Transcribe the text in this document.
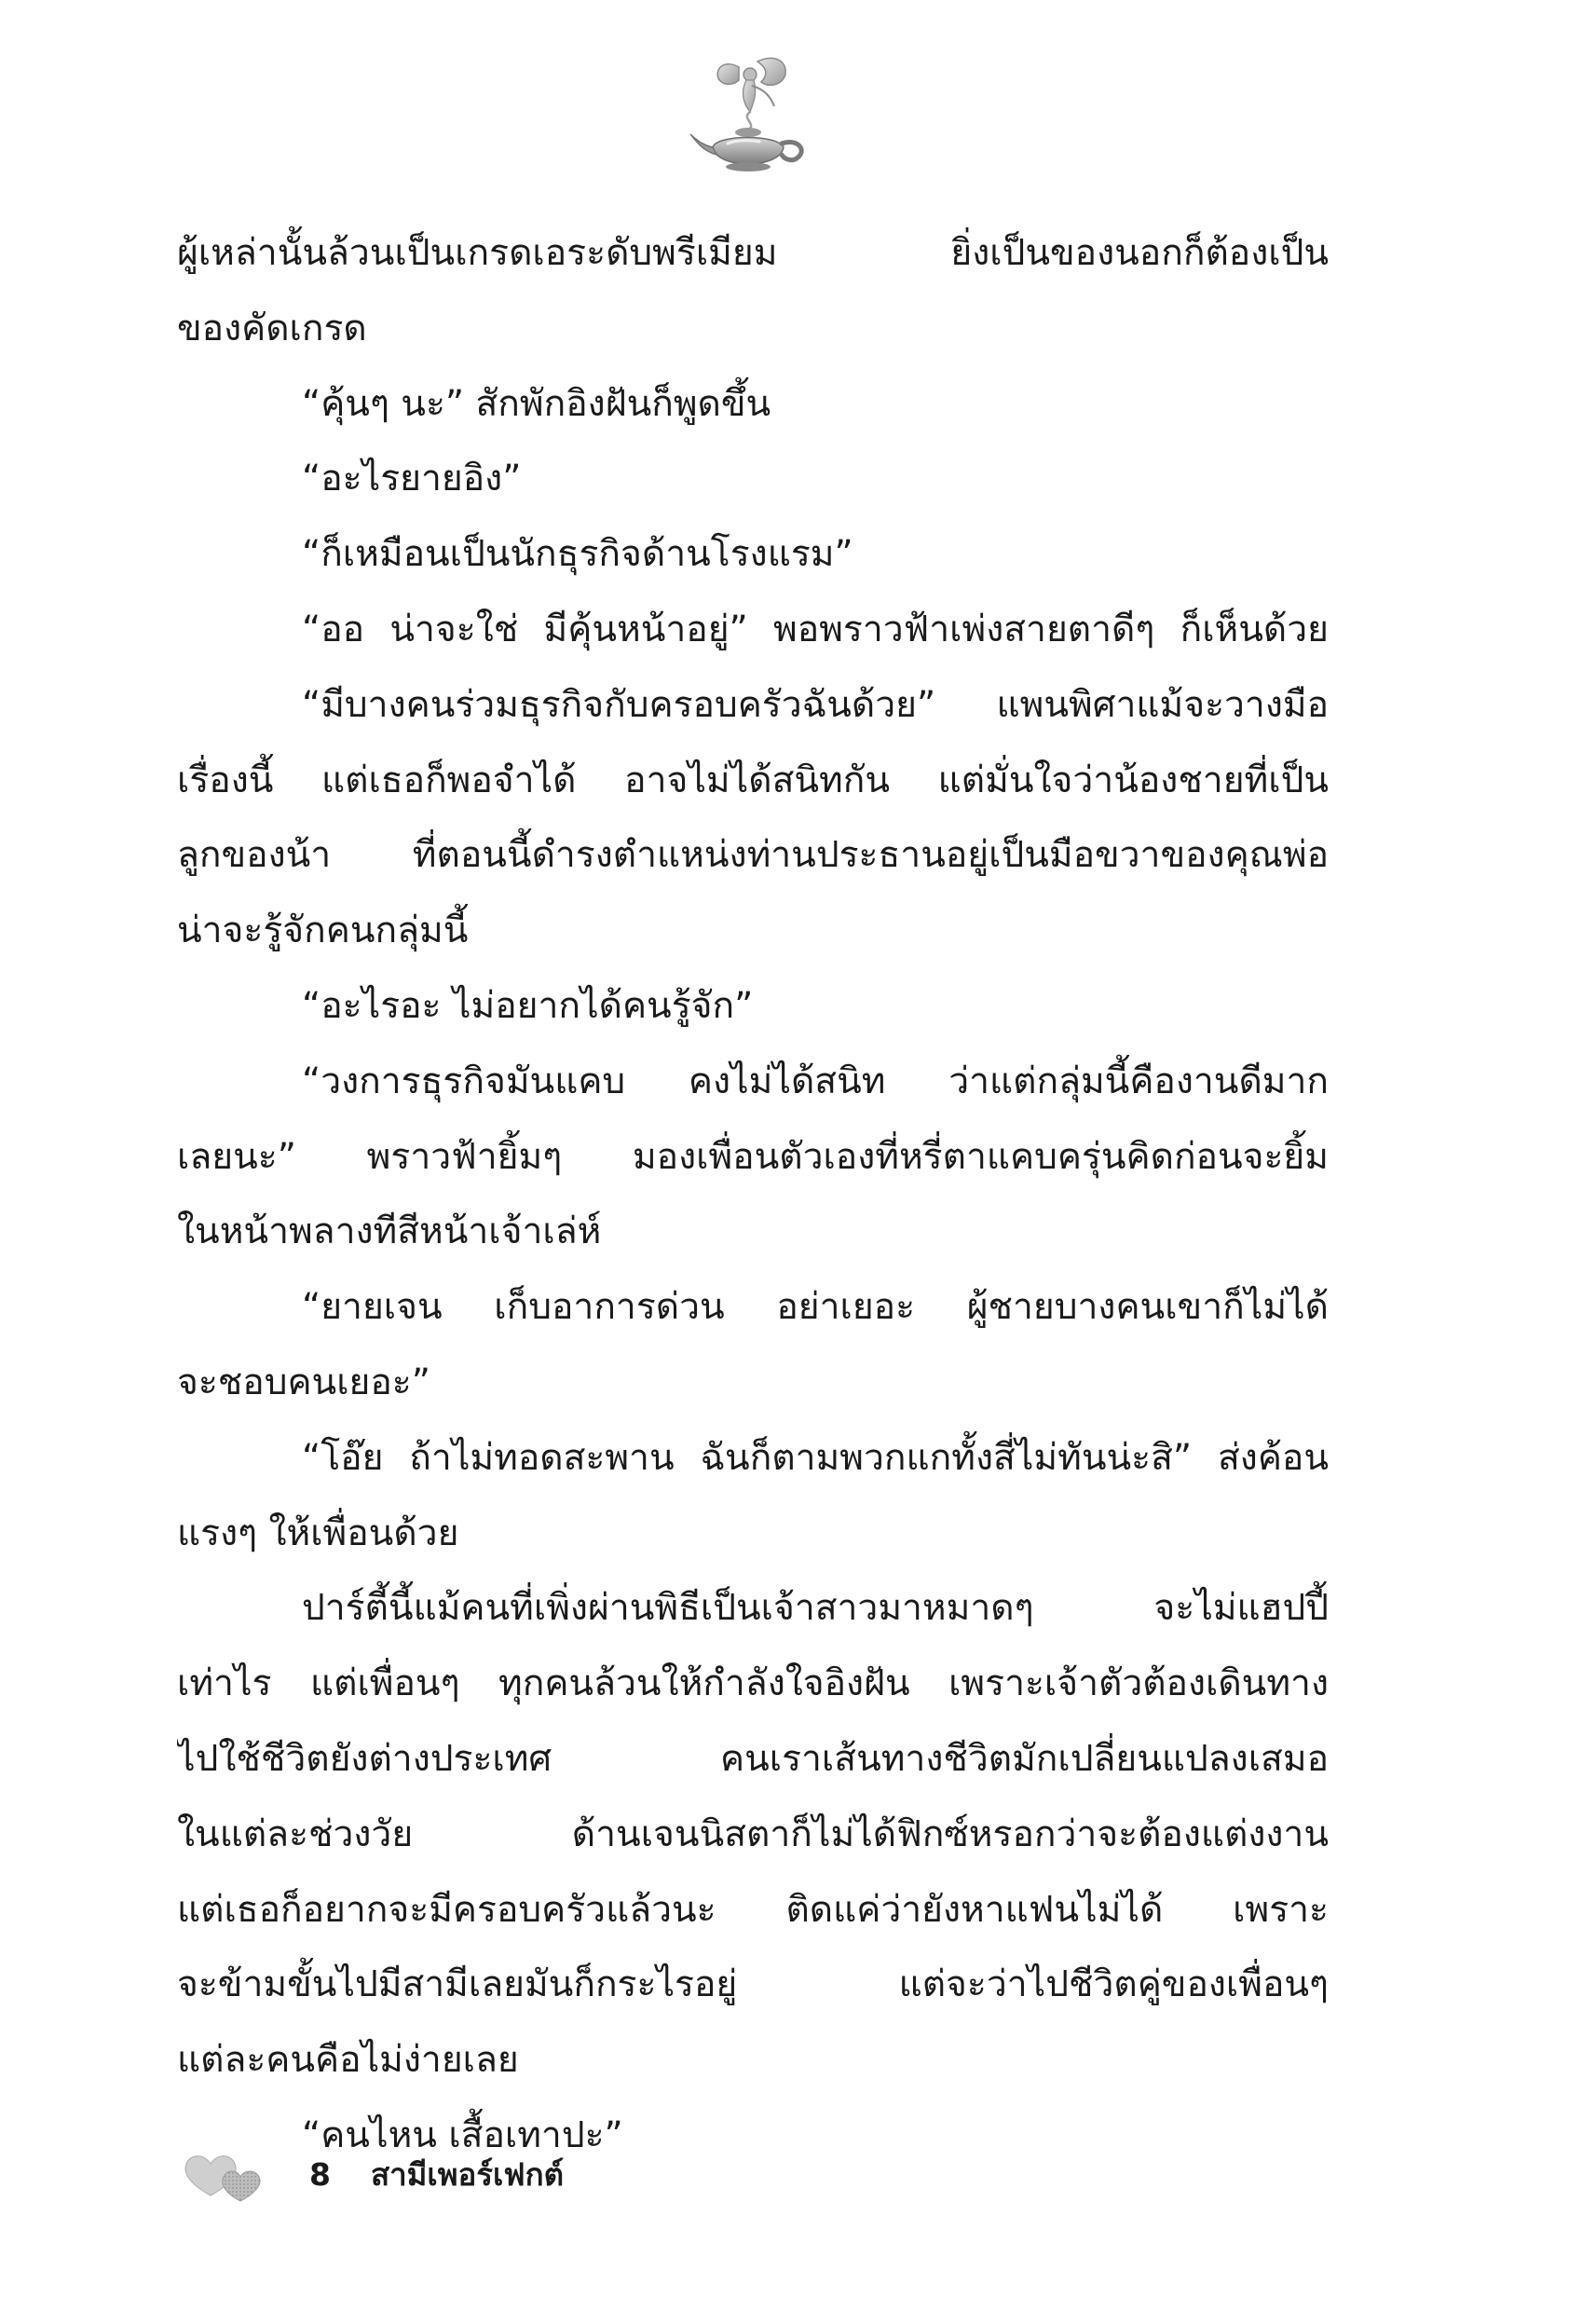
ผู้เหล่านั้นล้วนเป็นเกรดเอระดับพรีเมียม ยิ่งเป็นของนอกก็ต้องเป็น
ของคัดเกรด
“คุ้นๆ นะ” สักพักอิงฝันก็พูดขึ้น
“อะไรยายอิง”
“ก็เหมือนเป็นนักธุรกิจด้านโรงแรม”
“ออ น่าจะใช่ มีคุ้นหน้าอยู่” พอพราวฟ้าเพ่งสายตาดีๆ ก็เห็นด้วย
“มีบางคนร่วมธุรกิจกับครอบครัวฉันด้วย” แพนพิศาแม้จะวางมือ
เรื่องนี้ แต่เธอก็พอจำได้ อาจไม่ได้สนิทกัน แต่มั่นใจว่าน้องชายที่เป็น
ลูกของน้า ที่ตอนนี้ดำรงตำแหน่งท่านประธานอยู่เป็นมือขวาของคุณพ่อ
น่าจะรู้จักคนกลุ่มนี้
“อะไรอะ ไม่อยากได้คนรู้จัก”
“วงการธุรกิจมันแคบ คงไม่ได้สนิท ว่าแต่กลุ่มนี้คืองานดีมาก
เลยนะ” พราวฟ้ายิ้มๆ มองเพื่อนตัวเองที่หรี่ตาแคบครุ่นคิดก่อนจะยิ้ม
ในหน้าพลางทีสีหน้าเจ้าเล่ห์
“ยายเจน เก็บอาการด่วน อย่าเยอะ ผู้ชายบางคนเขาก็ไม่ได้
จะชอบคนเยอะ”
“โอ๊ย ถ้าไม่ทอดสะพาน ฉันก็ตามพวกแกทั้งสี่ไม่ทันน่ะสิ” ส่งค้อน
แรงๆ ให้เพื่อนด้วย
ปาร์ตี้นี้แม้คนที่เพิ่งผ่านพิธีเป็นเจ้าสาวมาหมาดๆ จะไม่แฮปปี้
เท่าไร แต่เพื่อนๆ ทุกคนล้วนให้กำลังใจอิงฝัน เพราะเจ้าตัวต้องเดินทาง
ไปใช้ชีวิตยังต่างประเทศ คนเราเส้นทางชีวิตมักเปลี่ยนแปลงเสมอ
ในแต่ละช่วงวัย ด้านเจนนิสตาก็ไม่ได้ฟิกซ์หรอกว่าจะต้องแต่งงาน
แต่เธอก็อยากจะมีครอบครัวแล้วนะ ติดแค่ว่ายังหาแฟนไม่ได้ เพราะ
จะข้ามขั้นไปมีสามีเลยมันก็กระไรอยู่ แต่จะว่าไปชีวิตคู่ของเพื่อนๆ
แต่ละคนคือไม่ง่ายเลย
“คนไหน เสื้อเทาปะ”
8 สามีเพอร์เฟกต์
